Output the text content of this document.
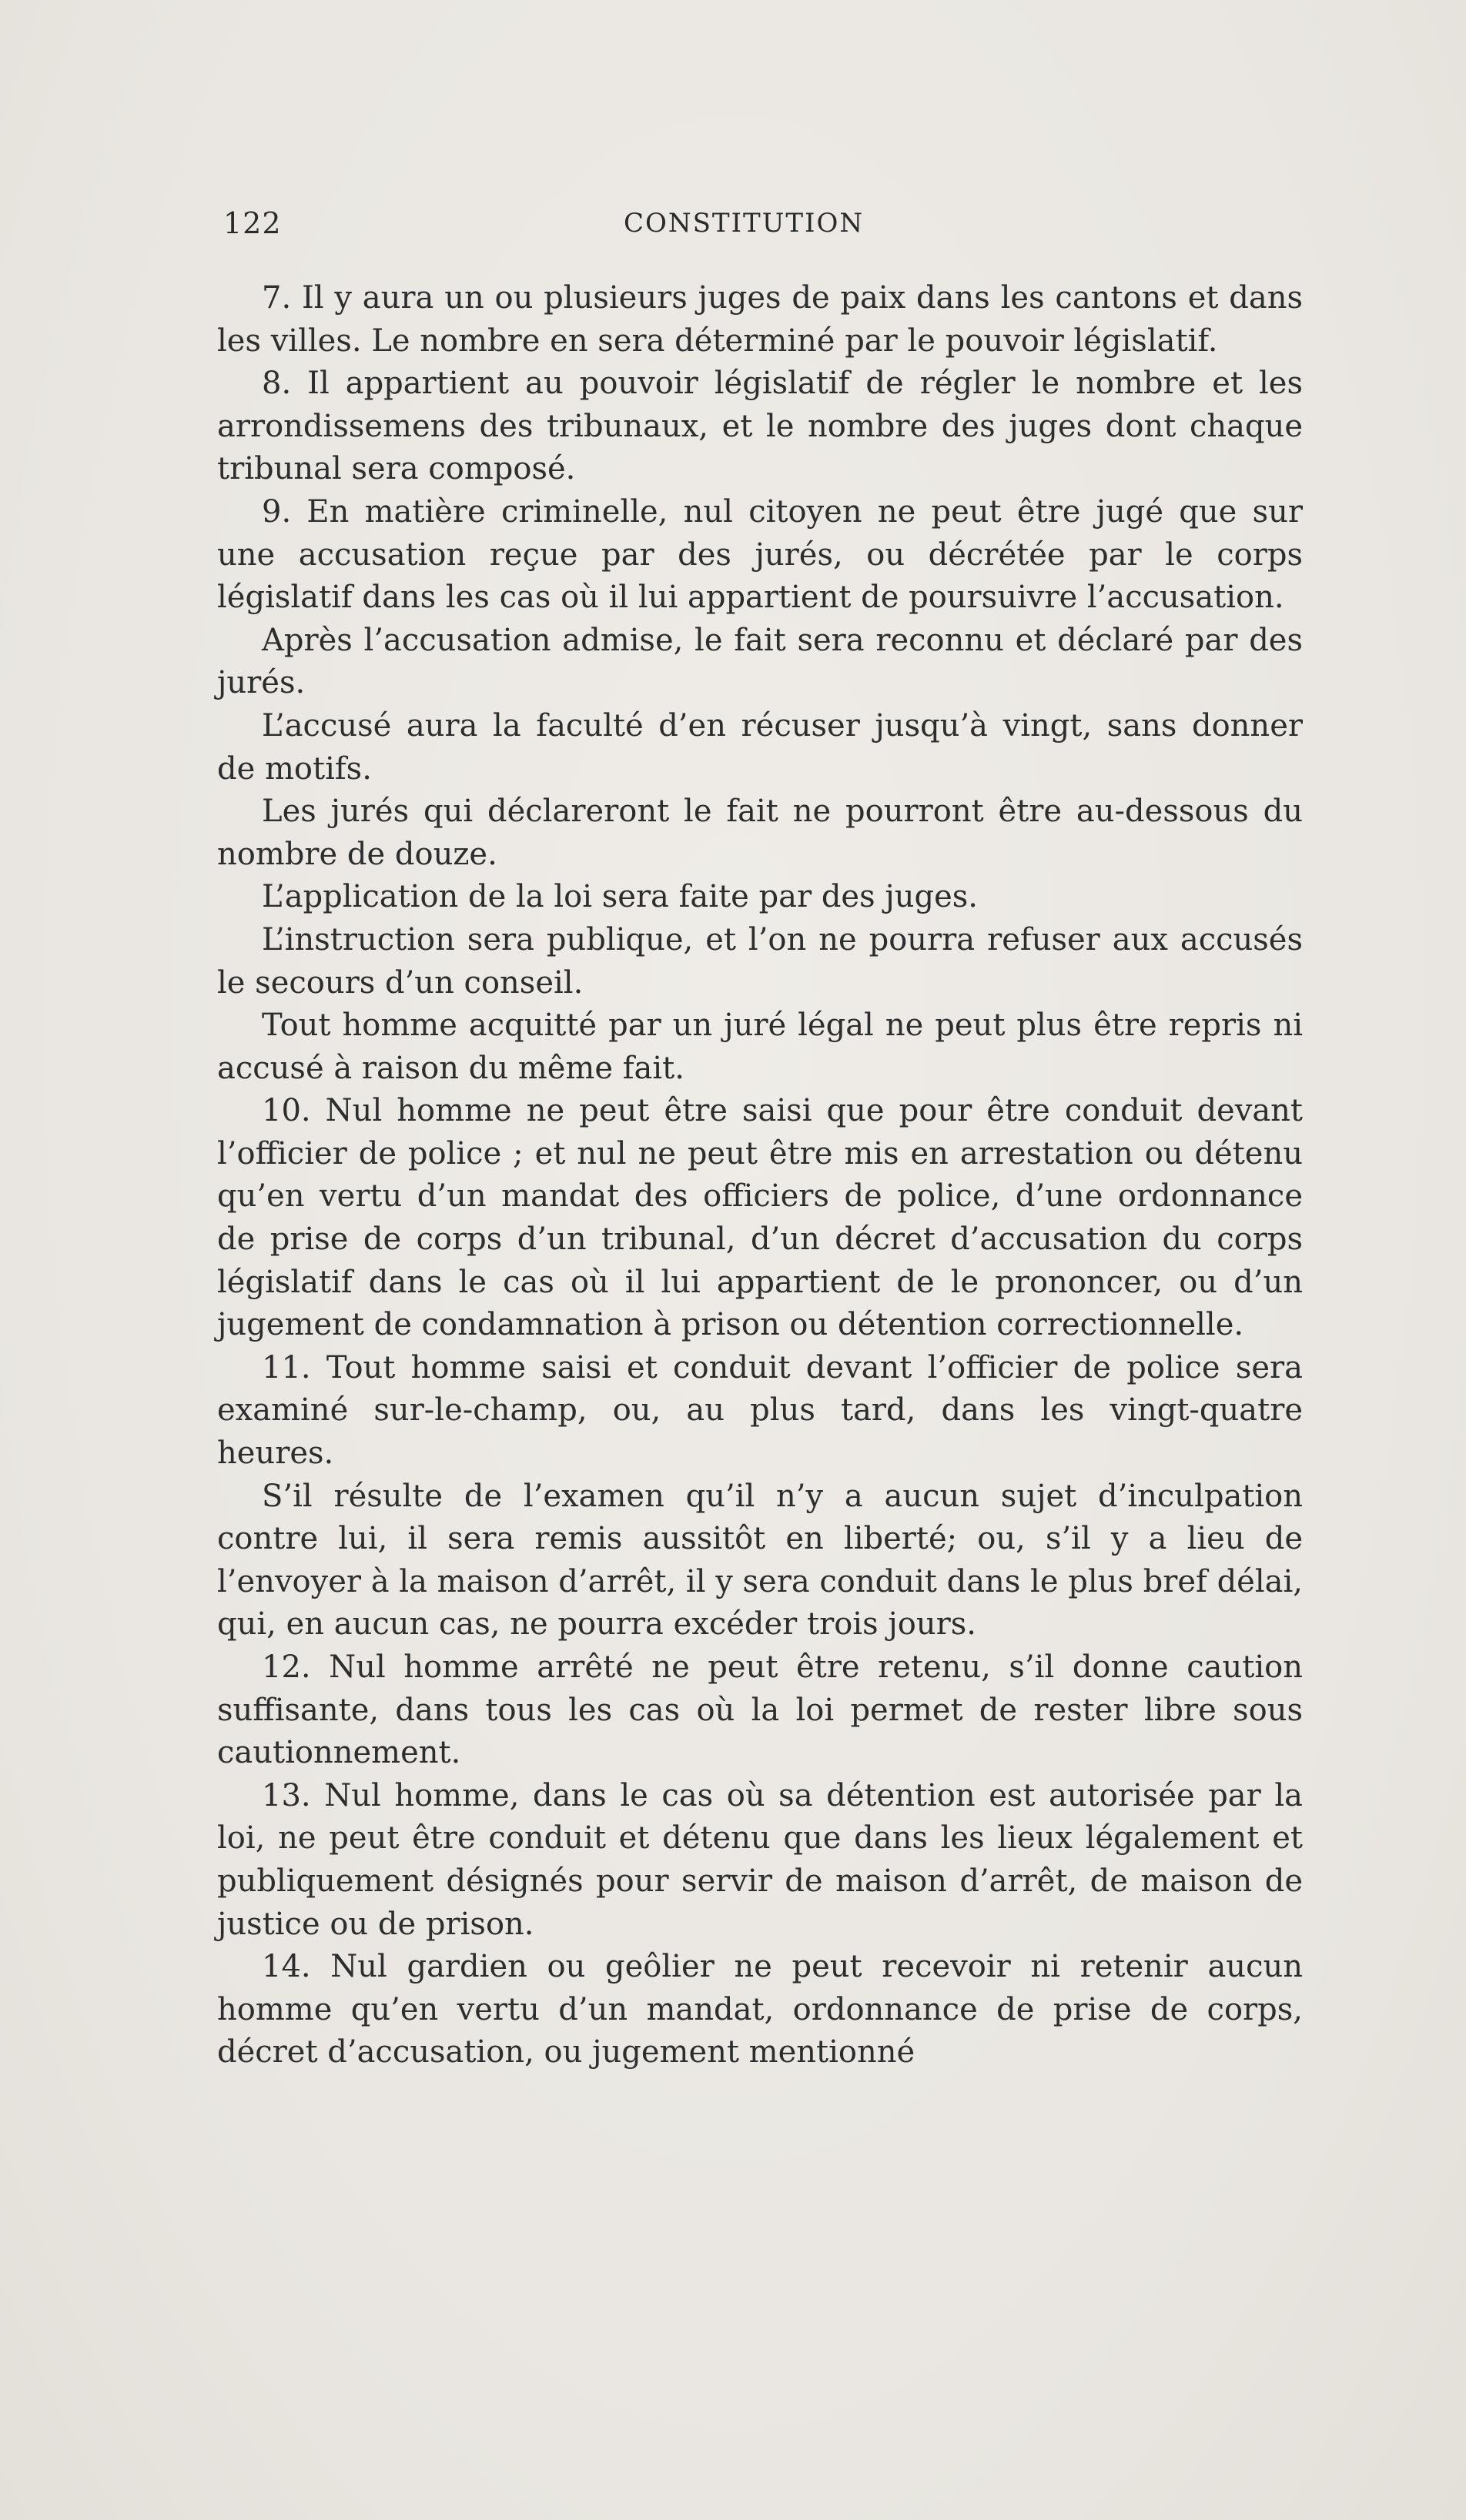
122	CONSTITUTION

7. Il y aura un ou plusieurs juges de paix dans les cantons et dans les villes. Le nombre en sera déterminé par le pouvoir législatif.

8. Il appartient au pouvoir législatif de régler le nombre et les arrondissemens des tribunaux, et le nombre des juges dont chaque tribunal sera composé.

9. En matière criminelle, nul citoyen ne peut être jugé que sur une accusation reçue par des jurés, ou décrétée par le corps législatif dans les cas où il lui appartient de poursuivre l’accusation.

Après l’accusation admise, le fait sera reconnu et déclaré par des jurés.

L’accusé aura la faculté d’en récuser jusqu’à vingt, sans donner de motifs.

Les jurés qui déclareront le fait ne pourront être au-dessous du nombre de douze.

L’application de la loi sera faite par des juges.

L’instruction sera publique, et l’on ne pourra refuser aux accusés le secours d’un conseil.

Tout homme acquitté par un juré légal ne peut plus être repris ni accusé à raison du même fait.

10. Nul homme ne peut être saisi que pour être conduit devant l’officier de police ; et nul ne peut être mis en arrestation ou détenu qu’en vertu d’un mandat des officiers de police, d’une ordonnance de prise de corps d’un tribunal, d’un décret d’accusation du corps législatif dans le cas où il lui appartient de le prononcer, ou d’un jugement de condamnation à prison ou détention correctionnelle.

11. Tout homme saisi et conduit devant l’officier de police sera examiné sur-le-champ, ou, au plus tard, dans les vingt-quatre heures.

S’il résulte de l’examen qu’il n’y a aucun sujet d’inculpation contre lui, il sera remis aussitôt en liberté; ou, s’il y a lieu de l’envoyer à la maison d’arrêt, il y sera conduit dans le plus bref délai, qui, en aucun cas, ne pourra excéder trois jours.

12. Nul homme arrêté ne peut être retenu, s’il donne caution suffisante, dans tous les cas où la loi permet de rester libre sous cautionnement.

13. Nul homme, dans le cas où sa détention est autorisée par la loi, ne peut être conduit et détenu que dans les lieux légalement et publiquement désignés pour servir de maison d’arrêt, de maison de justice ou de prison.

14. Nul gardien ou geôlier ne peut recevoir ni retenir aucun homme qu’en vertu d’un mandat, ordonnance de prise de corps, décret d’accusation, ou jugement mentionné
